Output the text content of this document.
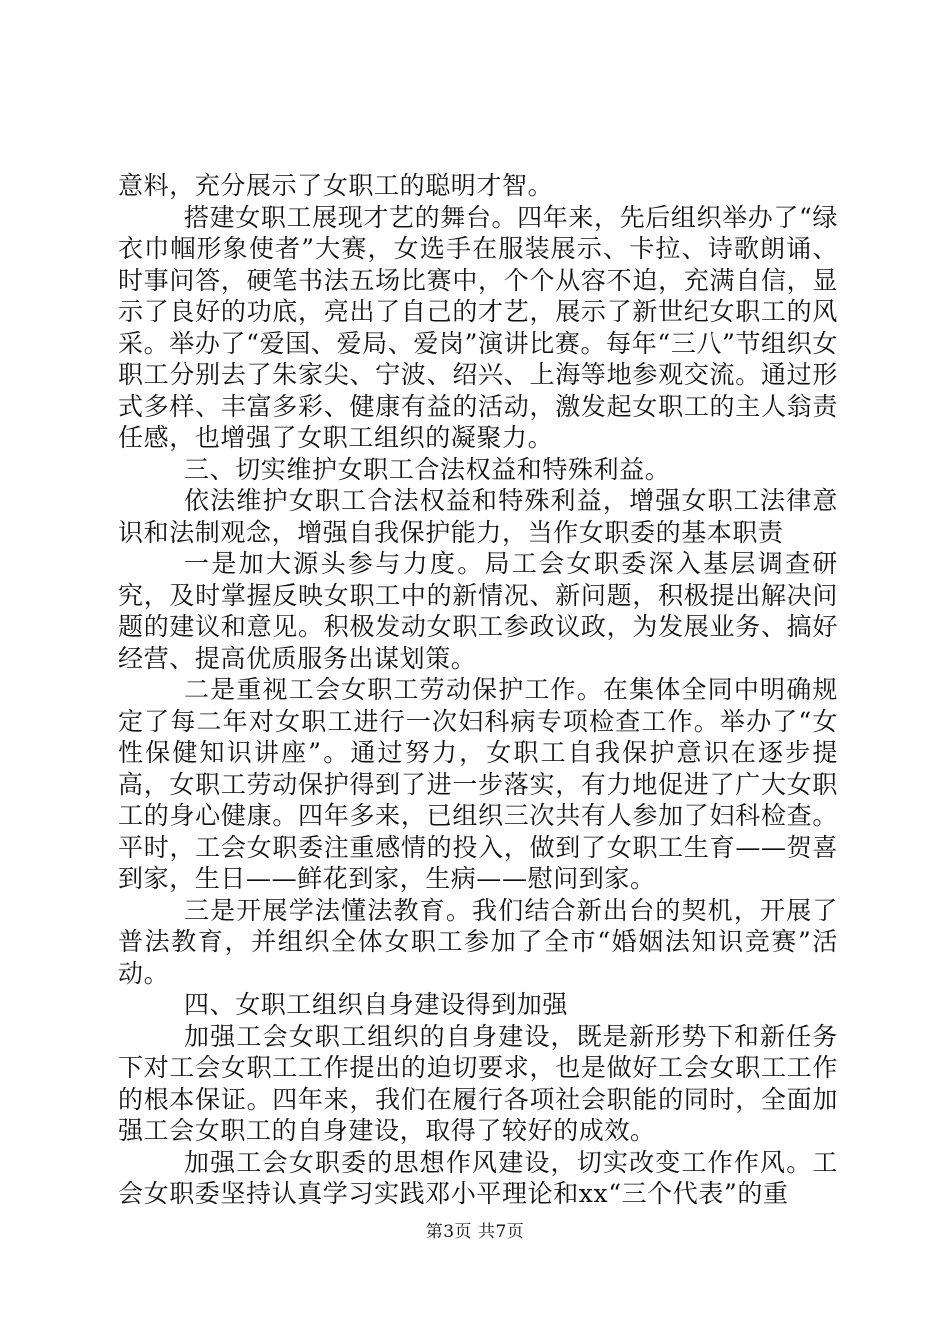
意料，充分展示了女职工的聪明才智。

搭建女职工展现才艺的舞台。四年来，先后组织举办了“绿衣巾帼形象使者”大赛，女选手在服装展示、卡拉、诗歌朗诵、时事问答，硬笔书法五场比赛中，个个从容不迫，充满自信，显示了良好的功底，亮出了自己的才艺，展示了新世纪女职工的风采。举办了“爱国、爱局、爱岗”演讲比赛。每年“三八”节组织女职工分别去了朱家尖、宁波、绍兴、上海等地参观交流。通过形式多样、丰富多彩、健康有益的活动，激发起女职工的主人翁责任感，也增强了女职工组织的凝聚力。

三、切实维护女职工合法权益和特殊利益。

依法维护女职工合法权益和特殊利益，增强女职工法律意识和法制观念，增强自我保护能力，当作女职委的基本职责

一是加大源头参与力度。局工会女职委深入基层调查研究，及时掌握反映女职工中的新情况、新问题，积极提出解决问题的建议和意见。积极发动女职工参政议政，为发展业务、搞好经营、提高优质服务出谋划策。

二是重视工会女职工劳动保护工作。在集体全同中明确规定了每二年对女职工进行一次妇科病专项检查工作。举办了“女性保健知识讲座”。通过努力，女职工自我保护意识在逐步提高，女职工劳动保护得到了进一步落实，有力地促进了广大女职工的身心健康。四年多来，已组织三次共有人参加了妇科检查。平时，工会女职委注重感情的投入，做到了女职工生育——贺喜到家，生日——鲜花到家，生病——慰问到家。

三是开展学法懂法教育。我们结合新出台的契机，开展了普法教育，并组织全体女职工参加了全市“婚姻法知识竞赛”活动。

四、女职工组织自身建设得到加强

加强工会女职工组织的自身建设，既是新形势下和新任务下对工会女职工工作提出的迫切要求，也是做好工会女职工工作的根本保证。四年来，我们在履行各项社会职能的同时，全面加强工会女职工的自身建设，取得了较好的成效。

加强工会女职委的思想作风建设，切实改变工作作风。工会女职委坚持认真学习实践邓小平理论和xx“三个代表”的重

第3页 共7页
